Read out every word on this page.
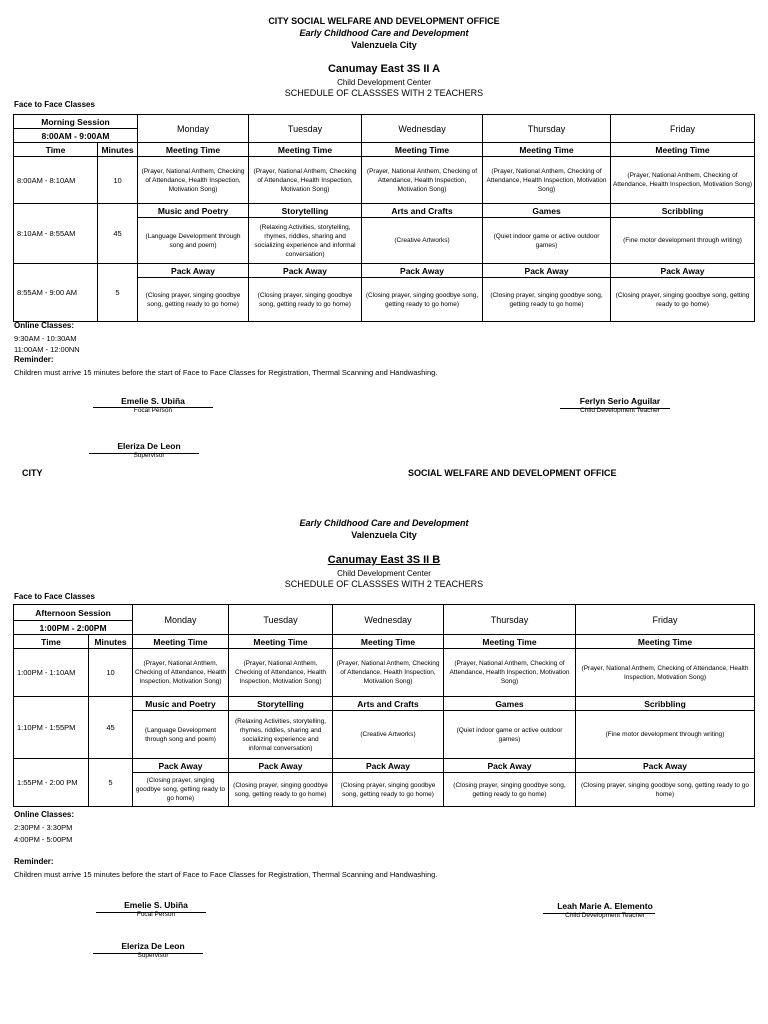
CITY SOCIAL WELFARE AND DEVELOPMENT OFFICE
Early Childhood Care and Development
Valenzuela City
Canumay East 3S II A
Child Development Center
SCHEDULE OF CLASSSES WITH 2 TEACHERS
Face to Face Classes
Morning Session		Monday	Tuesday	Wednesday	Thursday	Friday
8:00AM - 9:00AM						
Time	Minutes	Meeting Time	Meeting Time	Meeting Time	Meeting Time	Meeting Time
8:00AM - 8:10AM	10	(Prayer, National Anthem, Checking of Attendance, Health Inspection, Motivation Song)	(Prayer, National Anthem, Checking of Attendance, Health Inspection, Motivation Song)	(Prayer, National Anthem, Checking of Attendance, Health Inspection, Motivation Song)	(Prayer, National Anthem, Checking of Attendance, Health Inspection, Motivation Song)	(Prayer, National Anthem, Checking of Attendance, Health Inspection, Motivation Song)
8:10AM - 8:55AM	45	Music and Poetry	Storytelling	Arts and Crafts	Games	Scribbling
		(Language Development through song and poem)	(Relaxing Activities, storytelling, rhymes, riddles, sharing and socializing experience and informal conversation)	(Creative Artworks)	(Quiet indoor game or active outdoor games)	(Fine motor development through writing)
8:55AM - 9:00 AM	5	Pack Away	Pack Away	Pack Away	Pack Away	Pack Away
		(Closing prayer, singing goodbye song, getting ready to go home)	(Closing prayer, singing goodbye song, getting ready to go home)	(Closing prayer, singing goodbye song, getting ready to go home)	(Closing prayer, singing goodbye song, getting ready to go home)	(Closing prayer, singing goodbye song, getting ready to go home)
Online Classes:
9:30AM - 10:30AM
11:00AM - 12:00NN
Reminder:
Children must arrive 15 minutes before the start of Face to Face Classes for Registration, Thermal Scanning and Handwashing.
Emelie S. Ubiña
Focal Person
Ferlyn Serio Aguilar
Child Development Teacher
Eleriza De Leon
Supervisor
CITY	SOCIAL WELFARE AND DEVELOPMENT OFFICE
Early Childhood Care and Development
Valenzuela City
Canumay East 3S II B
Child Development Center
SCHEDULE OF CLASSSES WITH 2 TEACHERS
Face to Face Classes
Afternoon Session		Monday	Tuesday	Wednesday	Thursday	Friday
1:00PM - 2:00PM						
Time	Minutes	Meeting Time	Meeting Time	Meeting Time	Meeting Time	Meeting Time
1:00PM - 1:10AM	10	(Prayer, National Anthem, Checking of Attendance, Health Inspection, Motivation Song)	(Prayer, National Anthem, Checking of Attendance, Health Inspection, Motivation Song)	(Prayer, National Anthem, Checking of Attendance, Health Inspection, Motivation Song)	(Prayer, National Anthem, Checking of Attendance, Health Inspection, Motivation Song)	(Prayer, National Anthem, Checking of Attendance, Health Inspection, Motivation Song)
1:10PM - 1:55PM	45	Music and Poetry	Storytelling	Arts and Crafts	Games	Scribbling
		(Language Development through song and poem)	(Relaxing Activities, storytelling, rhymes, riddles, sharing and socializing experience and informal conversation)	(Creative Artworks)	(Quiet indoor game or active outdoor games)	(Fine motor development through writing)
1:55PM - 2:00 PM	5	Pack Away	Pack Away	Pack Away	Pack Away	Pack Away
		(Closing prayer, singing goodbye song, getting ready to go home)	(Closing prayer, singing goodbye song, getting ready to go home)	(Closing prayer, singing goodbye song, getting ready to go home)	(Closing prayer, singing goodbye song, getting ready to go home)	(Closing prayer, singing goodbye song, getting ready to go home)
Online Classes:
2:30PM - 3:30PM
4:00PM - 5:00PM
Reminder:
Children must arrive 15 minutes before the start of Face to Face Classes for Registration, Thermal Scanning and Handwashing.
Emelie S. Ubiña
Focal Person
Leah Marie A. Elemento
Child Development Teacher
Eleriza De Leon
Supervisor
